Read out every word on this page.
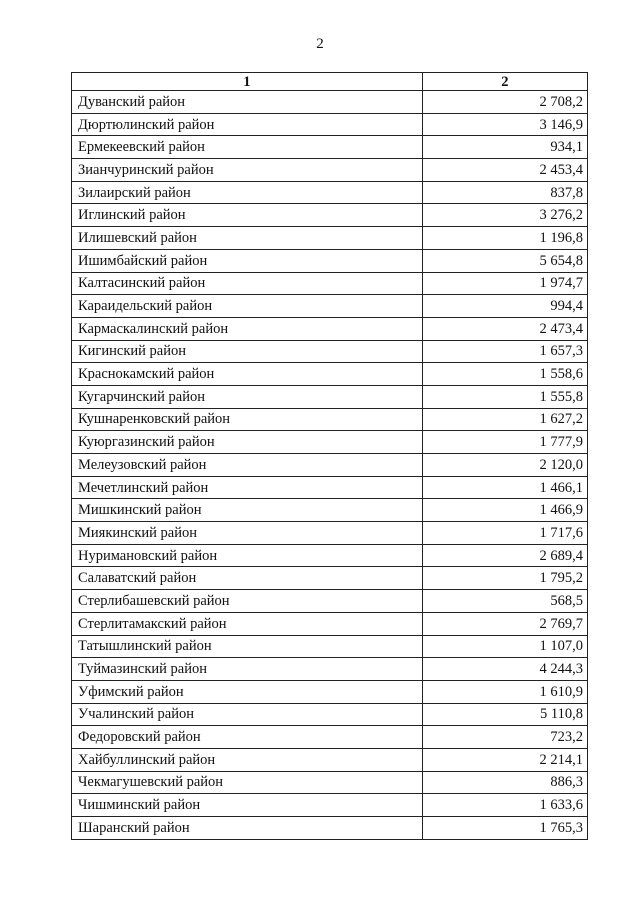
2
1	2
Дуванский район	2 708,2
Дюртюлинский район	3 146,9
Ермекеевский район	934,1
Зианчуринский район	2 453,4
Зилаирский район	837,8
Иглинский район	3 276,2
Илишевский район	1 196,8
Ишимбайский район	5 654,8
Калтасинский район	1 974,7
Караидельский район	994,4
Кармаскалинский район	2 473,4
Кигинский район	1 657,3
Краснокамский район	1 558,6
Кугарчинский район	1 555,8
Кушнаренковский район	1 627,2
Куюргазинский район	1 777,9
Мелеузовский район	2 120,0
Мечетлинский район	1 466,1
Мишкинский район	1 466,9
Миякинский район	1 717,6
Нуримановский район	2 689,4
Салаватский район	1 795,2
Стерлибашевский район	568,5
Стерлитамакский район	2 769,7
Татышлинский район	1 107,0
Туймазинский район	4 244,3
Уфимский район	1 610,9
Учалинский район	5 110,8
Федоровский район	723,2
Хайбуллинский район	2 214,1
Чекмагушевский район	886,3
Чишминский район	1 633,6
Шаранский район	1 765,3
